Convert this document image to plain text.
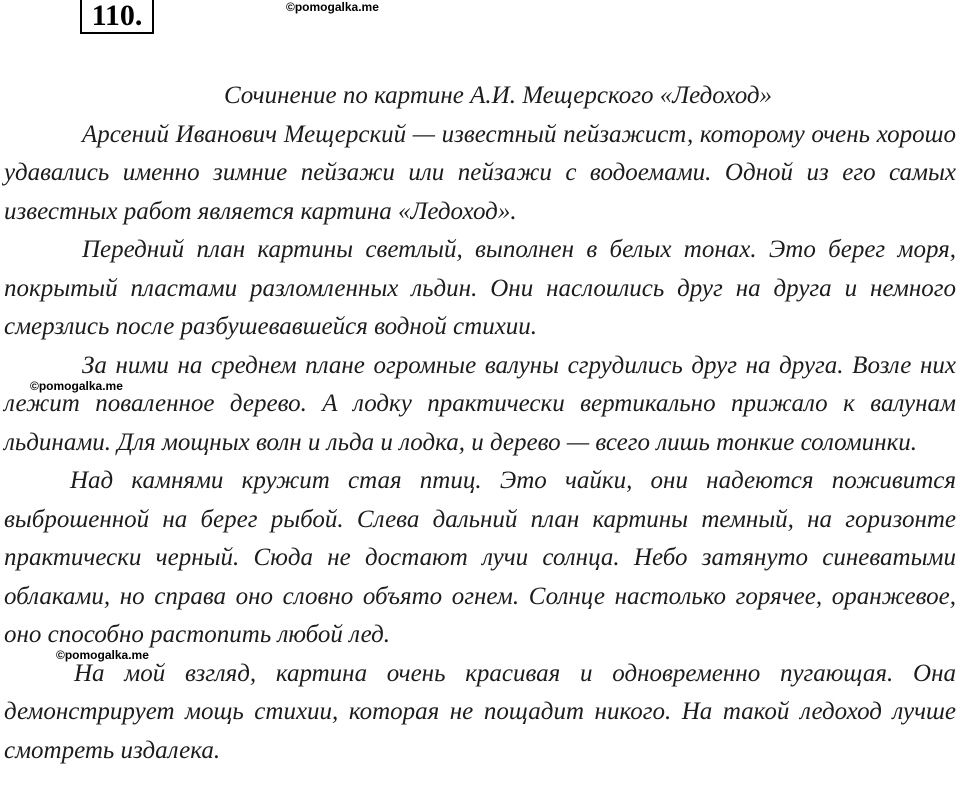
110.	©pomogalka.me
Сочинение по картине А.И. Мещерского «Ледоход»

Арсений Иванович Мещерский — известный пейзажист, которому очень хорошо удавались именно зимние пейзажи или пейзажи с водоемами. Одной из его самых известных работ является картина «Ледоход».

Передний план картины светлый, выполнен в белых тонах. Это берег моря, покрытый пластами разломленных льдин. Они наслоились друг на друга и немного смерзлись после разбушевавшейся водной стихии.

За ними на среднем плане огромные валуны сгрудились друг на друга. Возле них лежит поваленное дерево. А лодку практически вертикально прижало к валунам льдинами. Для мощных волн и льда и лодка, и дерево — всего лишь тонкие соломинки.

Над камнями кружит стая птиц. Это чайки, они надеются поживится выброшенной на берег рыбой. Слева дальний план картины темный, на горизонте практически черный. Сюда не достают лучи солнца. Небо затянуто синеватыми облаками, но справа оно словно объято огнем. Солнце настолько горячее, оранжевое, оно способно растопить любой лед.

На мой взгляд, картина очень красивая и одновременно пугающая. Она демонстрирует мощь стихии, которая не пощадит никого. На такой ледоход лучше смотреть издалека.

©pomogalka.me
©pomogalka.me
